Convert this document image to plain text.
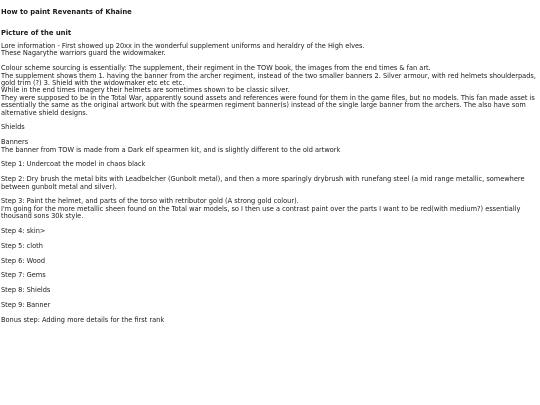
How to paint Revenants of Khaine
Picture of the unit

Lore information - First showed up 20xx in the wonderful supplement uniforms and heraldry of the High elves.
These Nagarythe warriors guard the widowmaker.

Colour scheme sourcing is essentially: The supplement, their regiment in the TOW book, the images from the end times & fan art.
The supplement shows them 1. having the banner from the archer regiment, instead of the two smaller banners 2. Silver armour, with red helmets shoulderpads, gold trim (?) 3. Shield with the widowmaker etc etc etc.
While in the end times imagery their helmets are sometimes shown to be classic silver.
They were supposed to be in the Total War, apparently sound assets and references were found for them in the game files, but no models. This fan made asset is essentially the same as the original artwork but with the spearmen regiment banner(s) instead of the single large banner from the archers. The also have som alternative shield designs.

Shields

Banners
The banner from TOW is made from a Dark elf spearmen kit, and is slightly different to the old artwork

Step 1: Undercoat the model in chaos black

Step 2: Dry brush the metal bits with Leadbelcher (Gunbolt metal), and then a more sparingly drybrush with runefang steel (a mid range metallic, somewhere between gunbolt metal and silver).

Step 3: Paint the helmet, and parts of the torso with retributor gold (A strong gold colour).
I'm going for the more metallic sheen found on the Total war models, so I then use a contrast paint over the parts I want to be red(with medium?) essentially thousand sons 30k style.

Step 4: skin>

Step 5: cloth

Step 6: Wood

Step 7: Gems

Step 8: Shields

Step 9: Banner

Bonus step: Adding more details for the first rank
